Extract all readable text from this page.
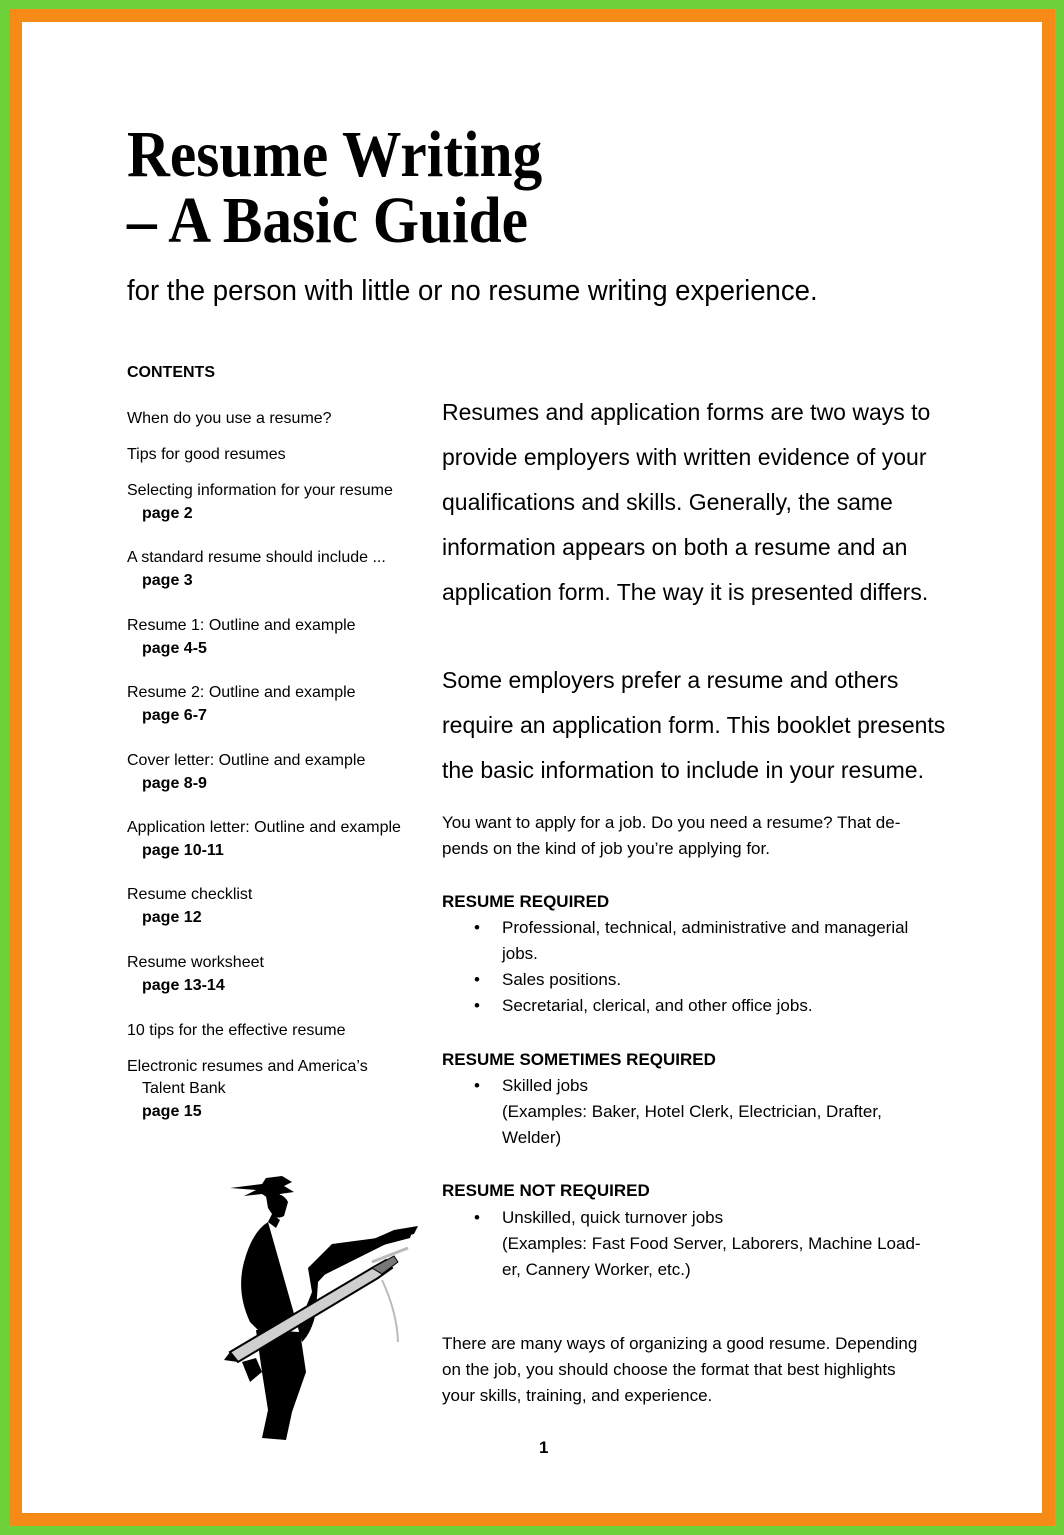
Resume Writing
– A Basic Guide
for the person with little or no resume writing experience.
CONTENTS
When do you use a resume?
Tips for good resumes
Selecting information for your resume
page 2
A standard resume should include ...
page 3
Resume 1: Outline and example
page 4-5
Resume 2: Outline and example
page 6-7
Cover letter: Outline and example
page 8-9
Application letter: Outline and example
page 10-11
Resume checklist
page 12
Resume worksheet
page 13-14
10 tips for the effective resume
Electronic resumes and America’s
Talent Bank
page 15
Resumes and application forms are two ways to
provide employers with written evidence of your
qualifications and skills. Generally, the same
information appears on both a resume and an
application form. The way it is presented differs.
Some employers prefer a resume and others
require an application form. This booklet presents
the basic information to include in your resume.
You want to apply for a job. Do you need a resume? That de-
pends on the kind of job you’re applying for.
RESUME REQUIRED
• Professional, technical, administrative and managerial
jobs.
• Sales positions.
• Secretarial, clerical, and other office jobs.
RESUME SOMETIMES REQUIRED
• Skilled jobs
(Examples: Baker, Hotel Clerk, Electrician, Drafter,
Welder)
RESUME NOT REQUIRED
• Unskilled, quick turnover jobs
(Examples: Fast Food Server, Laborers, Machine Load-
er, Cannery Worker, etc.)
There are many ways of organizing a good resume. Depending
on the job, you should choose the format that best highlights
your skills, training, and experience.
1
